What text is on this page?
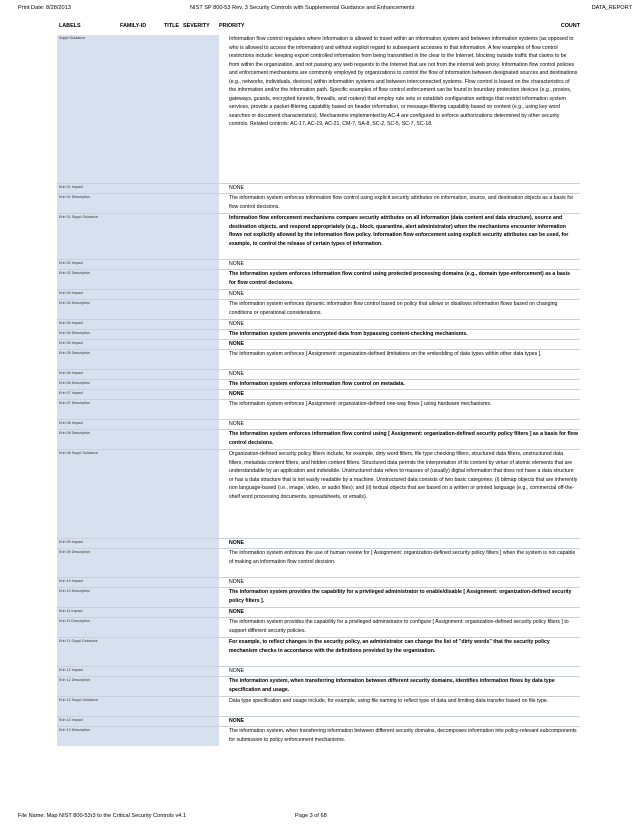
Print Date: 8/28/2013	NIST SP 800-53 Rev. 3 Security Controls with Supplemental Guidance and Enhancements	DATA_REPORT
LABELS	FAMILY-ID	TITLE SEVERITY PRIORITY	COUNT
Suppl Guidance	Information flow control regulates where information is allowed to travel within an information system and between information systems (as opposed to who is allowed to access the information) and without explicit regard to subsequent accesses to that information. A few examples of flow control restrictions include: keeping export controlled information from being transmitted in the clear to the Internet, blocking outside traffic that claims to be from within the organization, and not passing any web requests to the Internet that are not from the internal web proxy. Information flow control policies and enforcement mechanisms are commonly employed by organizations to control the flow of information between designated sources and destinations (e.g., networks, individuals, devices) within information systems and between interconnected systems. Flow control is based on the characteristics of the information and/or the information path. Specific examples of flow control enforcement can be found in boundary protection devices (e.g., proxies, gateways, guards, encrypted tunnels, firewalls, and routers) that employ rule sets or establish configuration settings that restrict information system services, provide a packet-filtering capability based on header information, or message-filtering capability based on content (e.g., using key word searches or document characteristics). Mechanisms implemented by AC-4 are configured to enforce authorizations determined by other security controls. Related controls: AC-17, AC-19, AC-21, CM-7, SA-8, SC-2, SC-5, SC-7, SC-18.
Enh 01 Impact	NONE
Enh 01 Description	The information system enforces information flow control using explicit security attributes on information, source, and destination objects as a basis for flow control decisions.
Enh 01 Suppl Guidance	Information flow enforcement mechanisms compare security attributes on all information (data content and data structure), source and destination objects, and respond appropriately (e.g., block, quarantine, alert administrator) when the mechanisms encounter information flows not explicitly allowed by the information flow policy. Information flow enforcement using explicit security attributes can be used, for example, to control the release of certain types of information.
Enh 02 Impact	NONE
Enh 02 Description	The information system enforces information flow control using protected processing domains (e.g., domain type-enforcement) as a basis for flow control decisions.
Enh 03 Impact	NONE
Enh 03 Description	The information system enforces dynamic information flow control based on policy that allows or disallows information flows based on changing conditions or operational considerations.
Enh 04 Impact	NONE
Enh 04 Description	The information system prevents encrypted data from bypassing content-checking mechanisms.
Enh 05 Impact	NONE
Enh 05 Description	The information system enforces [ Assignment: organization-defined limitations on the embedding of data types within other data types ].
Enh 06 Impact	NONE
Enh 06 Description	The information system enforces information flow control on metadata.
Enh 07 Impact	NONE
Enh 07 Description	The information system enforces [ Assignment: organization-defined one-way flows ] using hardware mechanisms.
Enh 08 Impact	NONE
Enh 08 Description	The information system enforces information flow control using [ Assignment: organization-defined security policy filters ] as a basis for flow control decisions.
Enh 08 Suppl Guidance	Organization-defined security policy filters include, for example, dirty word filters, file type checking filters, structured data filters, unstructured data filters, metadata content filters, and hidden content filters. Structured data permits the interpretation of its content by virtue of atomic elements that are understandable by an application and indivisible. Unstructured data refers to masses of (usually) digital information that does not have a data structure or has a data structure that is not easily readable by a machine. Unstructured data consists of two basic categories: (i) bitmap objects that are inherently non language-based (i.e., image, video, or audio files); and (ii) textual objects that are based on a written or printed language (e.g., commercial off-the-shelf word processing documents, spreadsheets, or emails).
Enh 09 Impact	NONE
Enh 09 Description	The information system enforces the use of human review for [ Assignment: organization-defined security policy filters ] when the system is not capable of making an information flow control decision.
Enh 10 Impact	NONE
Enh 10 Description	The information system provides the capability for a privileged administrator to enable/disable [ Assignment: organization-defined security policy filters ].
Enh 11 Impact	NONE
Enh 11 Description	The information system provides the capability for a privileged administrator to configure [ Assignment: organization-defined security policy filters ] to support different security policies.
Enh 11 Suppl Guidance	For example, to reflect changes in the security policy, an administrator can change the list of "dirty words" that the security policy mechanism checks in accordance with the definitions provided by the organization.
Enh 12 Impact	NONE
Enh 12 Description	The information system, when transferring information between different security domains, identifies information flows by data type specification and usage.
Enh 12 Suppl Guidance	Data type specification and usage include, for example, using file naming to reflect type of data and limiting data transfer based on file type.
Enh 13 Impact	NONE
Enh 13 Description	The information system, when transferring information between different security domains, decomposes information into policy-relevant subcomponents for submission to policy enforcement mechanisms.
File Name: Map NIST 800-53r3 to the Critical Security Controls v4.1	Page 3 of 68
